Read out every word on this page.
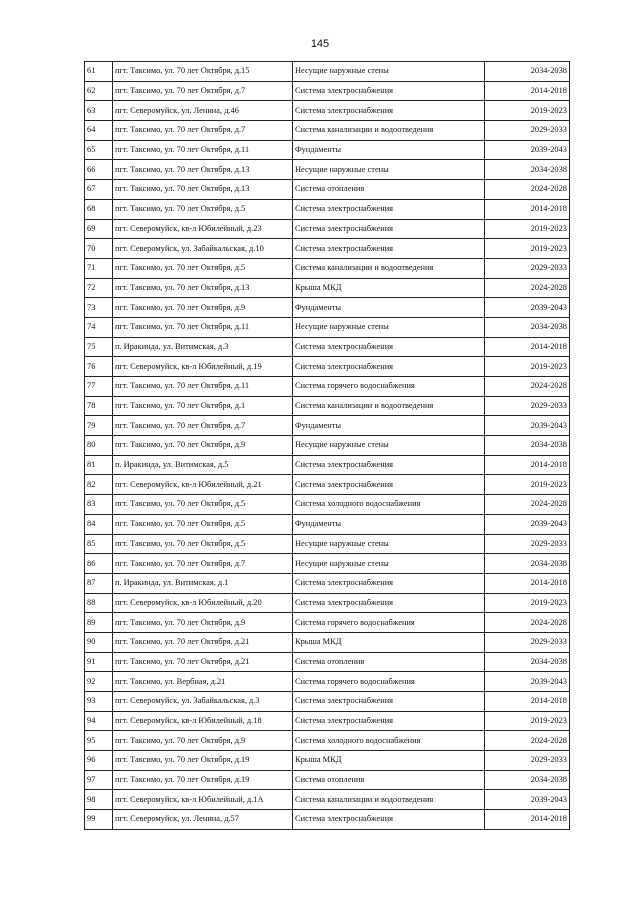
145
61	пгт. Таксимо, ул. 70 лет Октября, д.15	Несущие наружные стены	2034-2038
62	пгт. Таксимо, ул. 70 лет Октября, д.7	Система электроснабжения	2014-2018
63	пгт. Северомуйск, ул. Ленина, д.46	Система электроснабжения	2019-2023
64	пгт. Таксимо, ул. 70 лет Октября, д.7	Система канализации и водоотведения	2029-2033
65	пгт. Таксимо, ул. 70 лет Октября, д.11	Фундаменты	2039-2043
66	пгт. Таксимо, ул. 70 лет Октября, д.13	Несущие наружные стены	2034-2038
67	пгт. Таксимо, ул. 70 лет Октября, д.13	Система отопления	2024-2028
68	пгт. Таксимо, ул. 70 лет Октября, д.5	Система электроснабжения	2014-2018
69	пгт. Северомуйск, кв-л Юбилейный, д.23	Система электроснабжения	2019-2023
70	пгт. Северомуйск, ул. Забайкальская, д.10	Система электроснабжения	2019-2023
71	пгт. Таксимо, ул. 70 лет Октября, д.5	Система канализации и водоотведения	2029-2033
72	пгт. Таксимо, ул. 70 лет Октября, д.13	Крыша МКД	2024-2028
73	пгт. Таксимо, ул. 70 лет Октября, д.9	Фундаменты	2039-2043
74	пгт. Таксимо, ул. 70 лет Октября, д.11	Несущие наружные стены	2034-2038
75	п. Иракинда, ул. Витимская, д.3	Система электроснабжения	2014-2018
76	пгт. Северомуйск, кв-л Юбилейный, д.19	Система электроснабжения	2019-2023
77	пгт. Таксимо, ул. 70 лет Октября, д.11	Система горячего водоснабжения	2024-2028
78	пгт. Таксимо, ул. 70 лет Октября, д.1	Система канализации и водоотведения	2029-2033
79	пгт. Таксимо, ул. 70 лет Октября, д.7	Фундаменты	2039-2043
80	пгт. Таксимо, ул. 70 лет Октября, д.9	Несущие наружные стены	2034-2038
81	п. Иракинда, ул. Витимская, д.5	Система электроснабжения	2014-2018
82	пгт. Северомуйск, кв-л Юбилейный, д.21	Система электроснабжения	2019-2023
83	пгт. Таксимо, ул. 70 лет Октября, д.5	Система холодного водоснабжения	2024-2028
84	пгт. Таксимо, ул. 70 лет Октября, д.5	Фундаменты	2039-2043
85	пгт. Таксимо, ул. 70 лет Октября, д.5	Несущие наружные стены	2029-2033
86	пгт. Таксимо, ул. 70 лет Октября, д.7	Несущие наружные стены	2034-2038
87	п. Иракинда, ул. Витимская, д.1	Система электроснабжения	2014-2018
88	пгт. Северомуйск, кв-л Юбилейный, д.20	Система электроснабжения	2019-2023
89	пгт. Таксимо, ул. 70 лет Октября, д.9	Система горячего водоснабжения	2024-2028
90	пгт. Таксимо, ул. 70 лет Октября, д.21	Крыша МКД	2029-2033
91	пгт. Таксимо, ул. 70 лет Октября, д.21	Система отопления	2034-2038
92	пгт. Таксимо, ул. Вербная, д.21	Система горячего водоснабжения	2039-2043
93	пгт. Северомуйск, ул. Забайкальская, д.3	Система электроснабжения	2014-2018
94	пгт. Северомуйск, кв-л Юбилейный, д.18	Система электроснабжения	2019-2023
95	пгт. Таксимо, ул. 70 лет Октября, д.9	Система холодного водоснабжения	2024-2028
96	пгт. Таксимо, ул. 70 лет Октября, д.19	Крыша МКД	2029-2033
97	пгт. Таксимо, ул. 70 лет Октября, д.19	Система отопления	2034-2038
98	пгт. Северомуйск, кв-л Юбилейный, д.1А	Система канализации и водоотведения	2039-2043
99	пгт. Северомуйск, ул. Ленина, д.57	Система электроснабжения	2014-2018
